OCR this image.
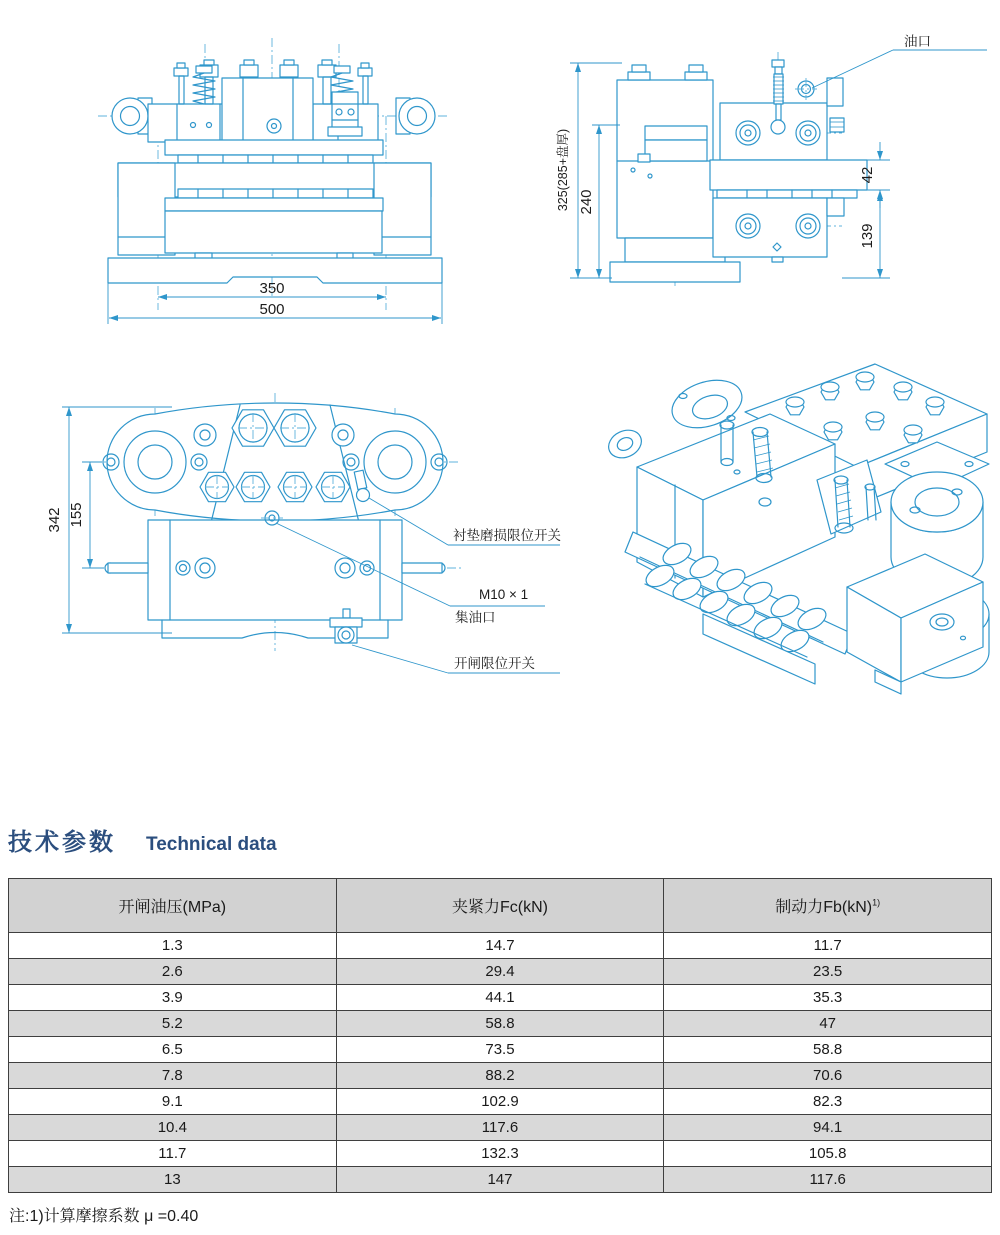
350
500
油口
325(285+盘厚) 240
42
139
342 155
衬垫磨损限位开关
M10 × 1
集油口
开闸限位开关
技术参数 Technical data
开闸油压(MPa)	夹紧力Fc(kN)	制动力Fb(kN)$^{1)}$
1.3	14.7	11.7
2.6	29.4	23.5
3.9	44.1	35.3
5.2	58.8	47
6.5	73.5	58.8
7.8	88.2	70.6
9.1	102.9	82.3
10.4	117.6	94.1
11.7	132.3	105.8
13	147	117.6

注:1)计算摩擦系数 μ =0.40
